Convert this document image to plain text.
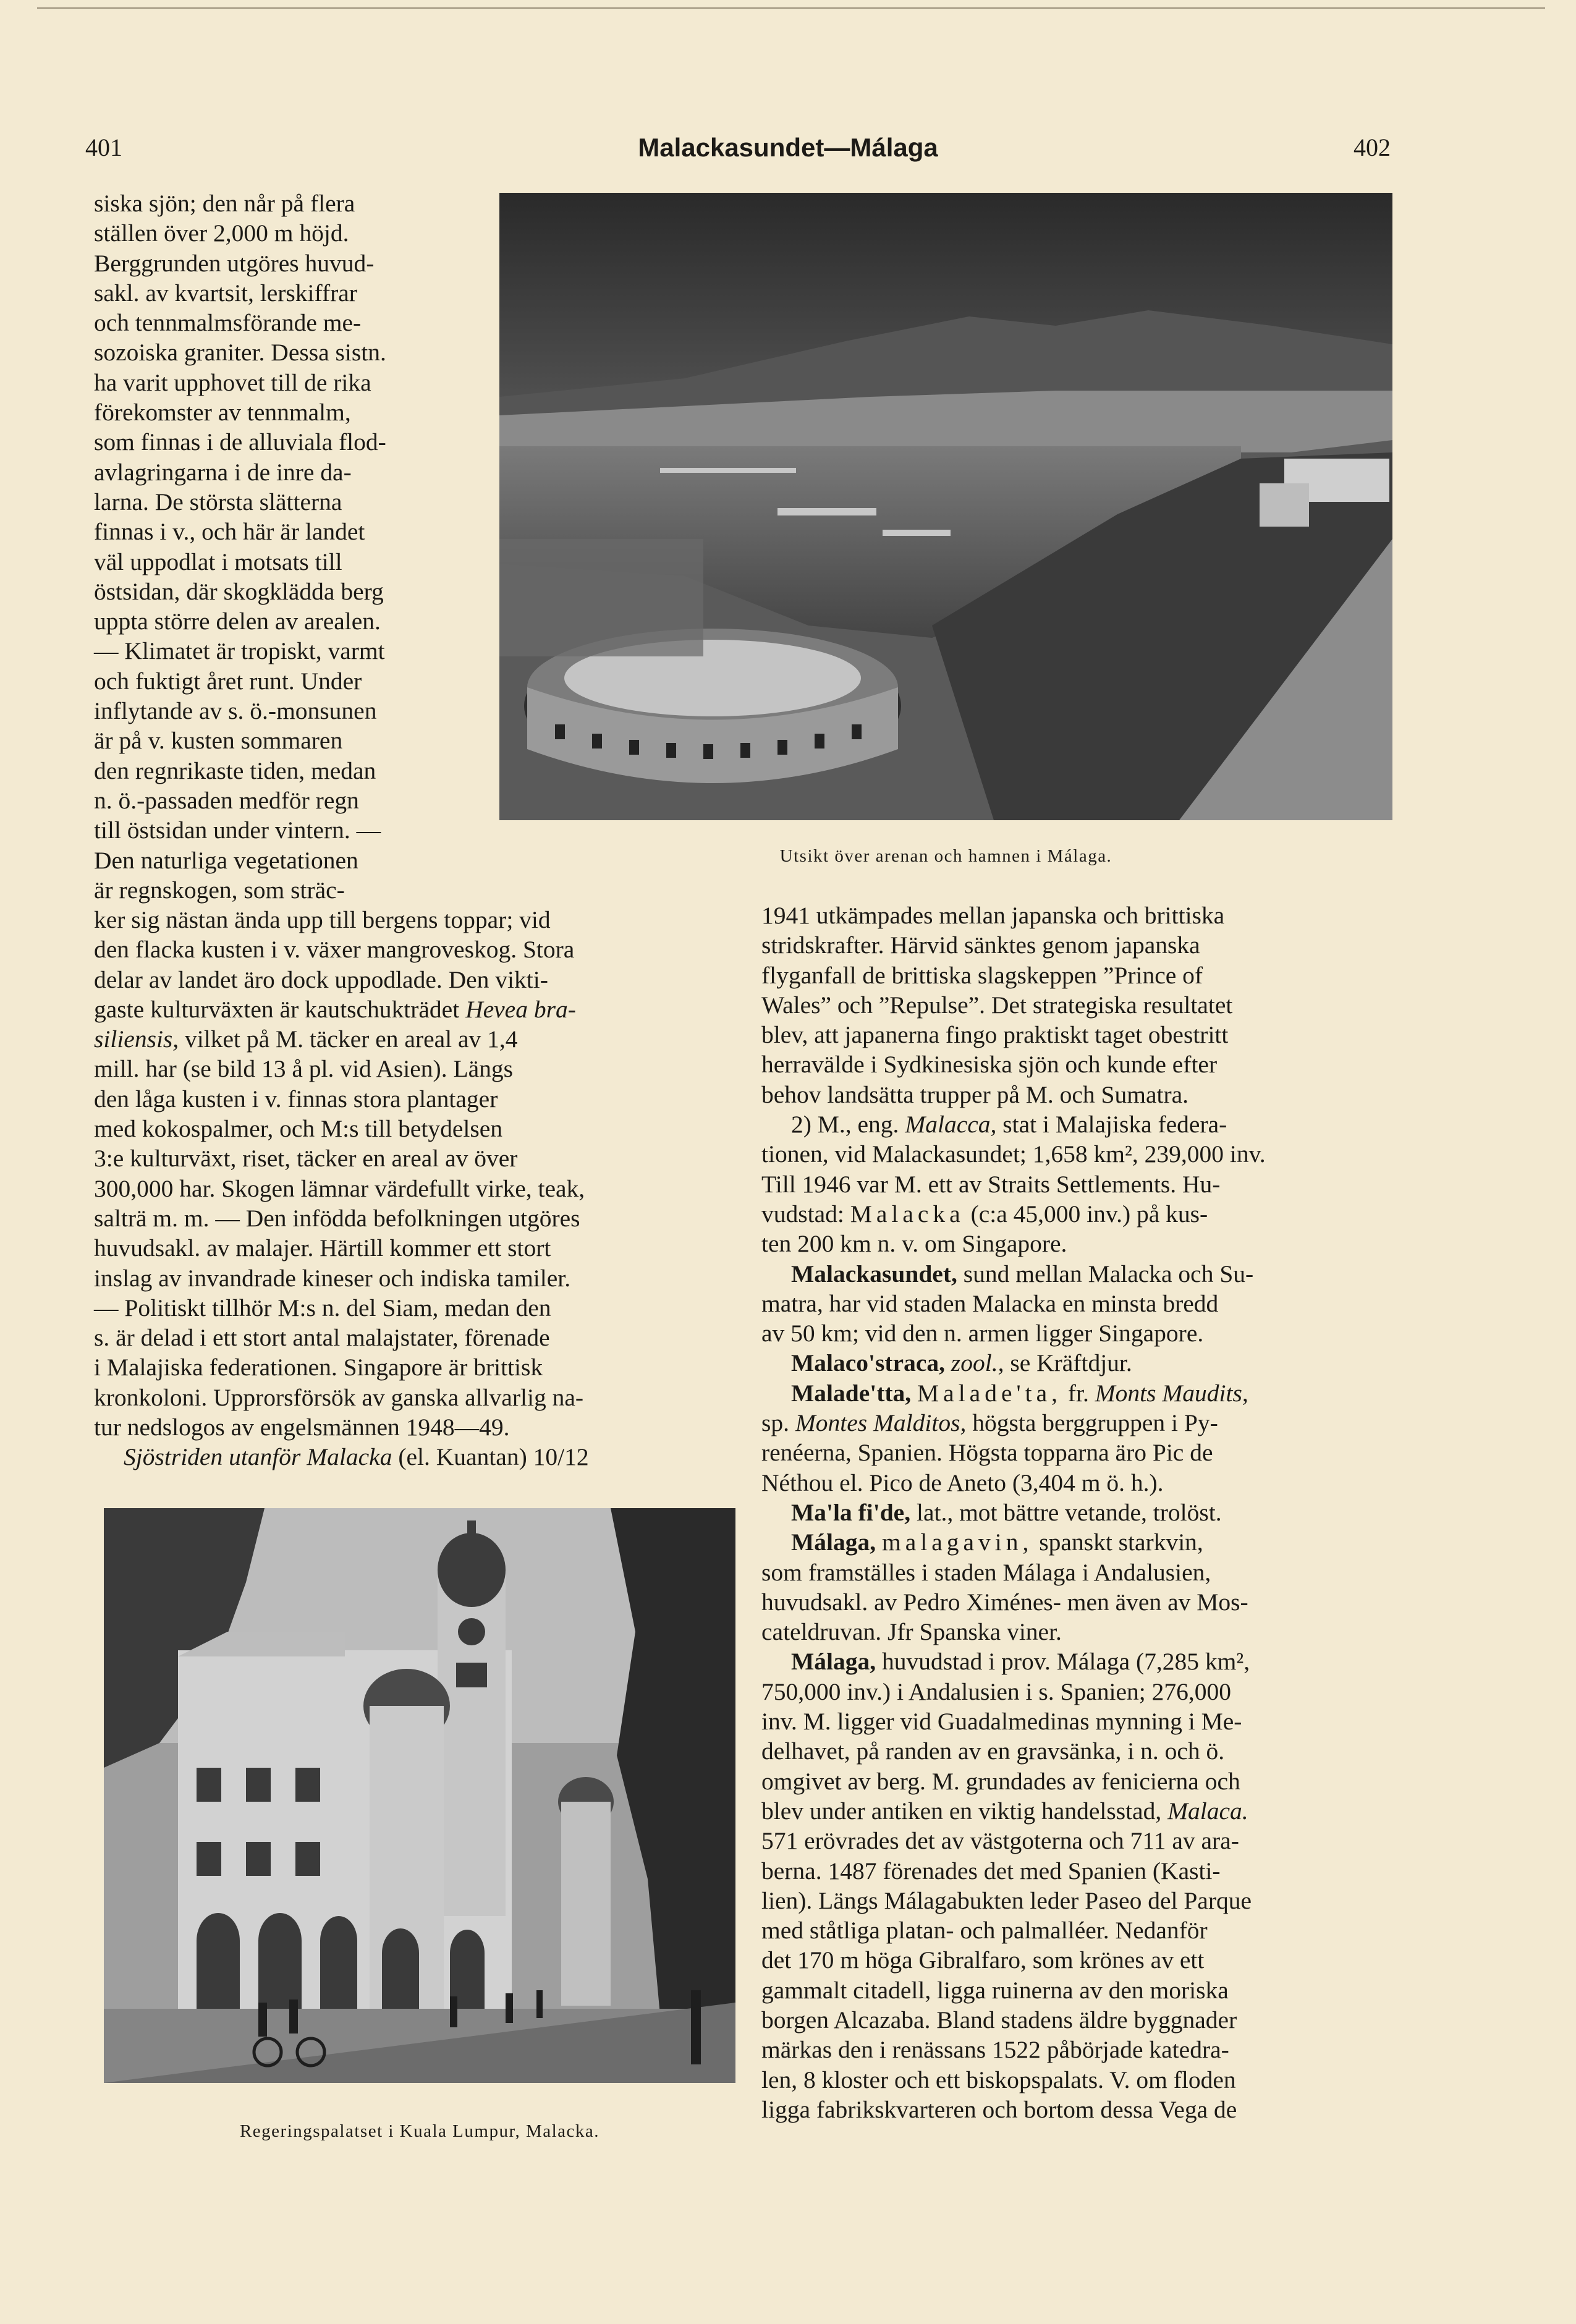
401	Malackasundet—Málaga	402
Utsikt över arenan och hamnen i Málaga.

siska sjön; den når på flera

ställen över 2,000 m höjd.

Berggrunden utgöres huvud-

sakl. av kvartsit, lerskiffrar

och tennmalmsförande me-

sozoiska graniter. Dessa sistn.

ha varit upphovet till de rika

förekomster av tennmalm,

som finnas i de alluviala flod-

avlagringarna i de inre da-

larna. De största slätterna

finnas i v., och här är landet

väl uppodlat i motsats till

östsidan, där skogklädda berg

uppta större delen av arealen.

— Klimatet är tropiskt, varmt

och fuktigt året runt. Under

inflytande av s. ö.-monsunen

är på v. kusten sommaren

den regnrikaste tiden, medan

n. ö.-passaden medför regn

till östsidan under vintern. —

Den naturliga vegetationen

är regnskogen, som sträc-

ker sig nästan ända upp till bergens toppar; vid

den flacka kusten i v. växer mangroveskog. Stora

delar av landet äro dock uppodlade. Den vikti-

gaste kulturväxten är kautschukträdet Hevea bra-

siliensis, vilket på M. täcker en areal av 1,4

mill. har (se bild 13 å pl. vid Asien). Längs

den låga kusten i v. finnas stora plantager

med kokospalmer, och M:s till betydelsen

3:e kulturväxt, riset, täcker en areal av över

300,000 har. Skogen lämnar värdefullt virke, teak,

salträ m. m. — Den infödda befolkningen utgöres

huvudsakl. av malajer. Härtill kommer ett stort

inslag av invandrade kineser och indiska tamiler.

— Politiskt tillhör M:s n. del Siam, medan den

s. är delad i ett stort antal malajstater, förenade

i Malajiska federationen. Singapore är brittisk

kronkoloni. Upprorsförsök av ganska allvarlig na-

tur nedslogos av engelsmännen 1948—49.

Sjöstriden utanför Malacka (el. Kuantan) 10/12

Regeringspalatset i Kuala Lumpur, Malacka.

1941 utkämpades mellan japanska och brittiska

stridskrafter. Härvid sänktes genom japanska

flyganfall de brittiska slagskeppen ”Prince of

Wales” och ”Repulse”. Det strategiska resultatet

blev, att japanerna fingo praktiskt taget obestritt

herravälde i Sydkinesiska sjön och kunde efter

behov landsätta trupper på M. och Sumatra.

2) M., eng. Malacca, stat i Malajiska federa-

tionen, vid Malackasundet; 1,658 km², 239,000 inv.

Till 1946 var M. ett av Straits Settlements. Hu-

vudstad: Malacka (c:a 45,000 inv.) på kus-

ten 200 km n. v. om Singapore.

Malackasundet, sund mellan Malacka och Su-

matra, har vid staden Malacka en minsta bredd

av 50 km; vid den n. armen ligger Singapore.

Malaco'straca, zool., se Kräftdjur.

Malade'tta, Malade'ta, fr. Monts Maudits,

sp. Montes Malditos, högsta berggruppen i Py-

renéerna, Spanien. Högsta topparna äro Pic de

Néthou el. Pico de Aneto (3,404 m ö. h.).

Ma'la fi'de, lat., mot bättre vetande, trolöst.

Málaga, malagavin, spanskt starkvin,

som framställes i staden Málaga i Andalusien,

huvudsakl. av Pedro Ximénes- men även av Mos-

cateldruvan. Jfr Spanska viner.

Málaga, huvudstad i prov. Málaga (7,285 km²,

750,000 inv.) i Andalusien i s. Spanien; 276,000

inv. M. ligger vid Guadalmedinas mynning i Me-

delhavet, på randen av en gravsänka, i n. och ö.

omgivet av berg. M. grundades av fenicierna och

blev under antiken en viktig handelsstad, Malaca.

571 erövrades det av västgoterna och 711 av ara-

berna. 1487 förenades det med Spanien (Kasti-

lien). Längs Málagabukten leder Paseo del Parque

med ståtliga platan- och palmalléer. Nedanför

det 170 m höga Gibralfaro, som krönes av ett

gammalt citadell, ligga ruinerna av den moriska

borgen Alcazaba. Bland stadens äldre byggnader

märkas den i renässans 1522 påbörjade katedra-

len, 8 kloster och ett biskopspalats. V. om floden

ligga fabrikskvarteren och bortom dessa Vega de
